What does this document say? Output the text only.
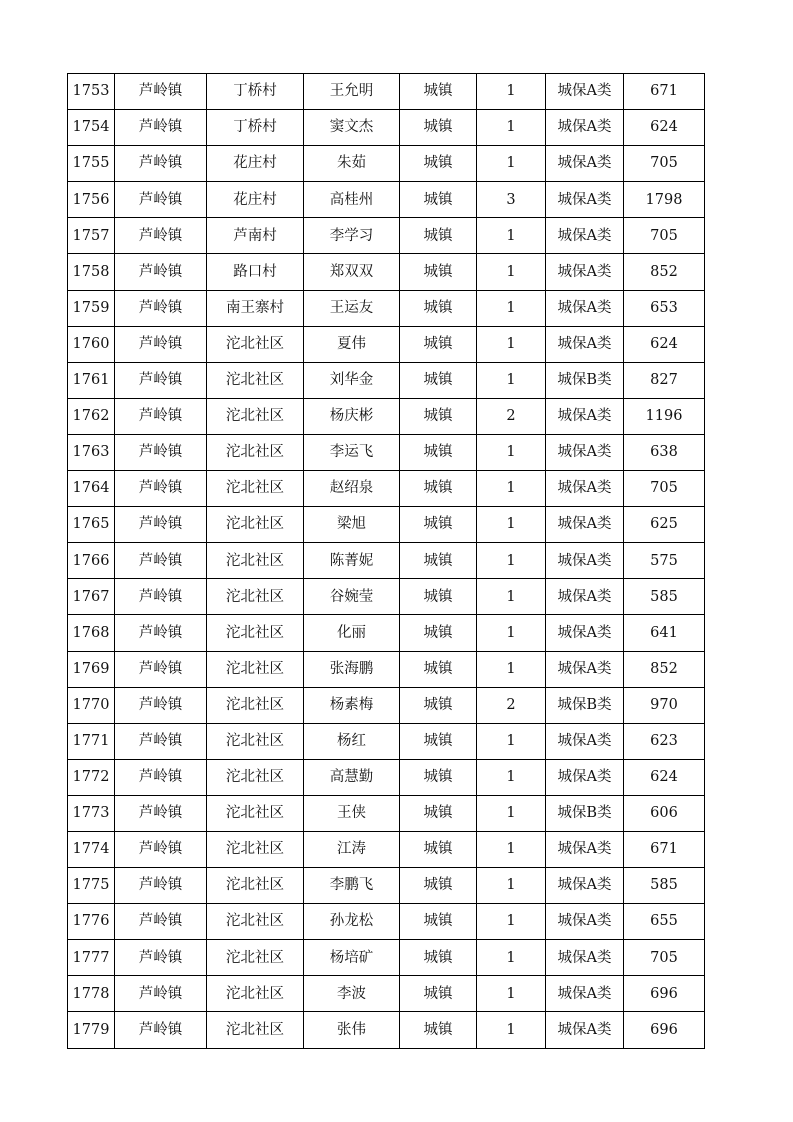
1753	芦岭镇	丁桥村	王允明	城镇	1	城保A类	671
1754	芦岭镇	丁桥村	窦文杰	城镇	1	城保A类	624
1755	芦岭镇	花庄村	朱茹	城镇	1	城保A类	705
1756	芦岭镇	花庄村	高桂州	城镇	3	城保A类	1798
1757	芦岭镇	芦南村	李学习	城镇	1	城保A类	705
1758	芦岭镇	路口村	郑双双	城镇	1	城保A类	852
1759	芦岭镇	南王寨村	王运友	城镇	1	城保A类	653
1760	芦岭镇	沱北社区	夏伟	城镇	1	城保A类	624
1761	芦岭镇	沱北社区	刘华金	城镇	1	城保B类	827
1762	芦岭镇	沱北社区	杨庆彬	城镇	2	城保A类	1196
1763	芦岭镇	沱北社区	李运飞	城镇	1	城保A类	638
1764	芦岭镇	沱北社区	赵绍泉	城镇	1	城保A类	705
1765	芦岭镇	沱北社区	梁旭	城镇	1	城保A类	625
1766	芦岭镇	沱北社区	陈菁妮	城镇	1	城保A类	575
1767	芦岭镇	沱北社区	谷婉莹	城镇	1	城保A类	585
1768	芦岭镇	沱北社区	化丽	城镇	1	城保A类	641
1769	芦岭镇	沱北社区	张海鹏	城镇	1	城保A类	852
1770	芦岭镇	沱北社区	杨素梅	城镇	2	城保B类	970
1771	芦岭镇	沱北社区	杨红	城镇	1	城保A类	623
1772	芦岭镇	沱北社区	高慧勤	城镇	1	城保A类	624
1773	芦岭镇	沱北社区	王侠	城镇	1	城保B类	606
1774	芦岭镇	沱北社区	江涛	城镇	1	城保A类	671
1775	芦岭镇	沱北社区	李鹏飞	城镇	1	城保A类	585
1776	芦岭镇	沱北社区	孙龙松	城镇	1	城保A类	655
1777	芦岭镇	沱北社区	杨培矿	城镇	1	城保A类	705
1778	芦岭镇	沱北社区	李波	城镇	1	城保A类	696
1779	芦岭镇	沱北社区	张伟	城镇	1	城保A类	696
